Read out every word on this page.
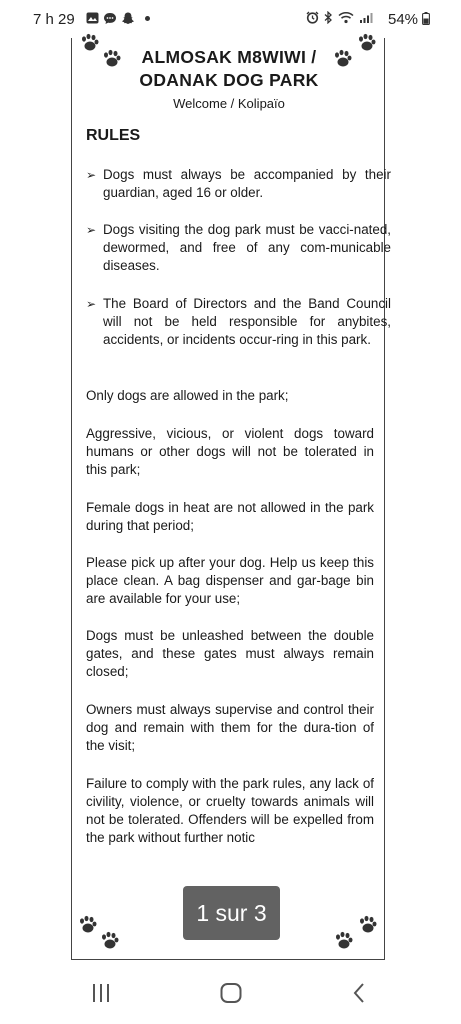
7 h 29	54%
ALMOSAK M8WIWI /
ODANAK DOG PARK
Welcome / Kolipaïo
RULES
➢ Dogs must always be accompanied by their guardian, aged 16 or older.
➢ Dogs visiting the dog park must be vacci-nated, dewormed, and free of any com-municable diseases.
➢ The Board of Directors and the Band Council will not be held responsible for anybites, accidents, or incidents occur-ring in this park.
Only dogs are allowed in the park;
Aggressive, vicious, or violent dogs toward humans or other dogs will not be tolerated in this park;
Female dogs in heat are not allowed in the park during that period;
Please pick up after your dog. Help us keep this place clean. A bag dispenser and gar-bage bin are available for your use;
Dogs must be unleashed between the double gates, and these gates must always remain closed;
Owners must always supervise and control their dog and remain with them for the dura-tion of the visit;
Failure to comply with the park rules, any lack of civility, violence, or cruelty towards animals will not be tolerated. Offenders will be expelled from the park without further notic
1 sur 3
